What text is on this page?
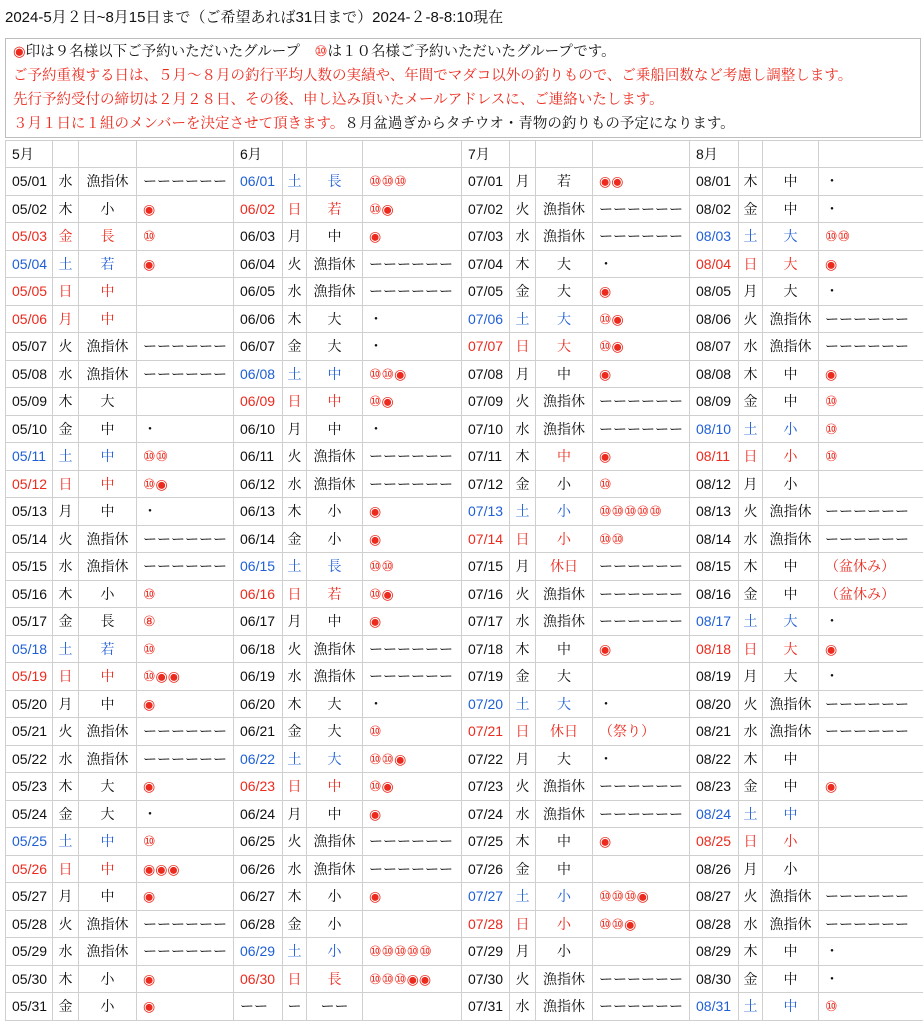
2024-5月２日~8月15日まで（ご希望あれば31日まで）2024-２-8-8:10現在
◉印は９名様以下ご予約いただいたグループ　⑩は１０名様ご予約いただいたグループです。
ご予約重複する日は、５月〜８月の釣行平均人数の実績や、年間でマダコ以外の釣りもので、ご乗船回数など考慮し調整します。
先行予約受付の締切は２月２８日、その後、申し込み頂いたメールアドレスに、ご連絡いたします。
３月１日に１組のメンバーを決定させて頂きます。８月盆過ぎからタチウオ・青物の釣りもの予定になります。
5月				6月				7月				8月			
05/01	水	漁指休	ーーーーーー	06/01	土	長	⑩⑩⑩	07/01	月	若	◉◉	08/01	木	中	・
05/02	木	小	◉	06/02	日	若	⑩◉	07/02	火	漁指休	ーーーーーー	08/02	金	中	・
05/03	金	長	⑩	06/03	月	中	◉	07/03	水	漁指休	ーーーーーー	08/03	土	大	⑩⑩
05/04	土	若	◉	06/04	火	漁指休	ーーーーーー	07/04	木	大	・	08/04	日	大	◉
05/05	日	中		06/05	水	漁指休	ーーーーーー	07/05	金	大	◉	08/05	月	大	・
05/06	月	中		06/06	木	大	・	07/06	土	大	⑩◉	08/06	火	漁指休	ーーーーーー
05/07	火	漁指休	ーーーーーー	06/07	金	大	・	07/07	日	大	⑩◉	08/07	水	漁指休	ーーーーーー
05/08	水	漁指休	ーーーーーー	06/08	土	中	⑩⑩◉	07/08	月	中	◉	08/08	木	中	◉
05/09	木	大		06/09	日	中	⑩◉	07/09	火	漁指休	ーーーーーー	08/09	金	中	⑩
05/10	金	中	・	06/10	月	中	・	07/10	水	漁指休	ーーーーーー	08/10	土	小	⑩
05/11	土	中	⑩⑩	06/11	火	漁指休	ーーーーーー	07/11	木	中	◉	08/11	日	小	⑩
05/12	日	中	⑩◉	06/12	水	漁指休	ーーーーーー	07/12	金	小	⑩	08/12	月	小	
05/13	月	中	・	06/13	木	小	◉	07/13	土	小	⑩⑩⑩⑩⑩	08/13	火	漁指休	ーーーーーー
05/14	火	漁指休	ーーーーーー	06/14	金	小	◉	07/14	日	小	⑩⑩	08/14	水	漁指休	ーーーーーー
05/15	水	漁指休	ーーーーーー	06/15	土	長	⑩⑩	07/15	月	休日	ーーーーーー	08/15	木	中	（盆休み）
05/16	木	小	⑩	06/16	日	若	⑩◉	07/16	火	漁指休	ーーーーーー	08/16	金	中	（盆休み）
05/17	金	長	⑧	06/17	月	中	◉	07/17	水	漁指休	ーーーーーー	08/17	土	大	・
05/18	土	若	⑩	06/18	火	漁指休	ーーーーーー	07/18	木	中	◉	08/18	日	大	◉
05/19	日	中	⑩◉◉	06/19	水	漁指休	ーーーーーー	07/19	金	大		08/19	月	大	・
05/20	月	中	◉	06/20	木	大	・	07/20	土	大	・	08/20	火	漁指休	ーーーーーー
05/21	火	漁指休	ーーーーーー	06/21	金	大	⑩	07/21	日	休日	（祭り）	08/21	水	漁指休	ーーーーーー
05/22	水	漁指休	ーーーーーー	06/22	土	大	⑩⑩◉	07/22	月	大	・	08/22	木	中	
05/23	木	大	◉	06/23	日	中	⑩◉	07/23	火	漁指休	ーーーーーー	08/23	金	中	◉
05/24	金	大	・	06/24	月	中	◉	07/24	水	漁指休	ーーーーーー	08/24	土	中	
05/25	土	中	⑩	06/25	火	漁指休	ーーーーーー	07/25	木	中	◉	08/25	日	小	
05/26	日	中	◉◉◉	06/26	水	漁指休	ーーーーーー	07/26	金	中		08/26	月	小	
05/27	月	中	◉	06/27	木	小	◉	07/27	土	小	⑩⑩⑩◉	08/27	火	漁指休	ーーーーーー
05/28	火	漁指休	ーーーーーー	06/28	金	小		07/28	日	小	⑩⑩◉	08/28	水	漁指休	ーーーーーー
05/29	水	漁指休	ーーーーーー	06/29	土	小	⑩⑩⑩⑩⑩	07/29	月	小		08/29	木	中	・
05/30	木	小	◉	06/30	日	長	⑩⑩⑩◉◉	07/30	火	漁指休	ーーーーーー	08/30	金	中	・
05/31	金	小	◉	ーー	ー	ーー		07/31	水	漁指休	ーーーーーー	08/31	土	中	⑩
